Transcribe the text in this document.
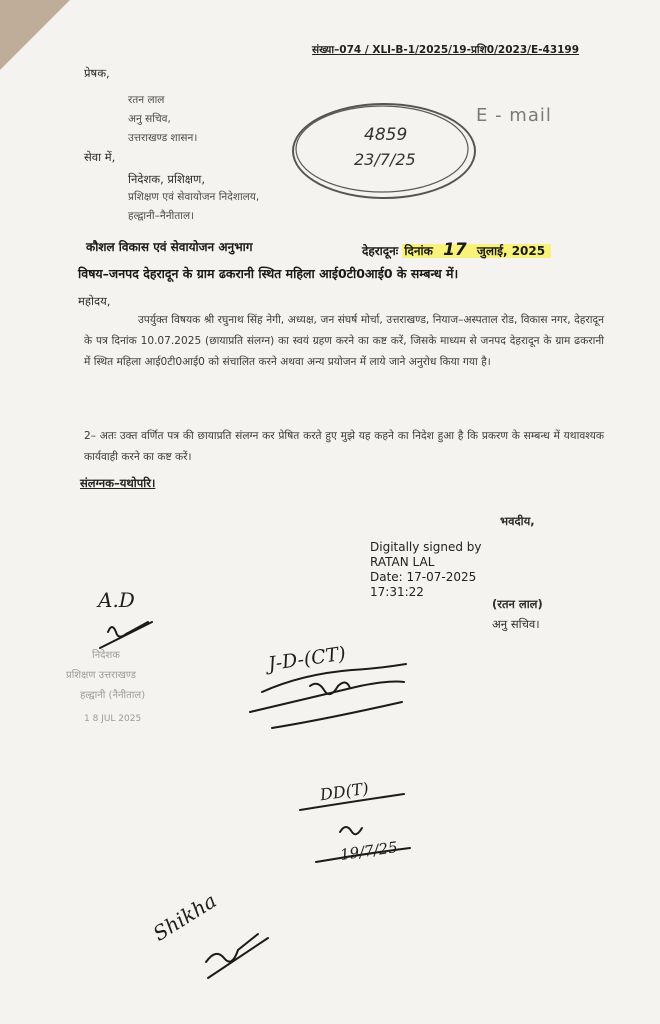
संख्या–074 / XLI-B-1/2025/19-प्रशि0/2023/E-43199
प्रेषक,
रतन लाल
अनु सचिव,
उत्तराखण्ड शासन।
सेवा में,
निदेशक, प्रशिक्षण,
प्रशिक्षण एवं सेवायोजन निदेशालय,
हल्द्वानी–नैनीताल।
4859
23/7/25
E - mail
कौशल विकास एवं सेवायोजन अनुभाग	देहरादूनः दिनांक 17 जुलाई, 2025
विषय–जनपद देहरादून के ग्राम ढकरानी स्थित महिला आई0टी0आई0 के सम्बन्ध में।
महोदय,
उपर्युक्त विषयक श्री रघुनाथ सिंह नेगी, अध्यक्ष, जन संघर्ष मोर्चा, उत्तराखण्ड, नियाज–अस्पताल रोड, विकास नगर, देहरादून के पत्र दिनांक 10.07.2025 (छायाप्रति संलग्न) का स्वयं ग्रहण करने का कष्ट करें, जिसके माध्यम से जनपद देहरादून के ग्राम ढकरानी में स्थित महिला आई0टी0आई0 को संचालित करने अथवा अन्य प्रयोजन में लाये जाने अनुरोध किया गया है।
2– अतः उक्त वर्णित पत्र की छायाप्रति संलग्न कर प्रेषित करते हुए मुझे यह कहने का निदेश हुआ है कि प्रकरण के सम्बन्ध में यथावश्यक कार्यवाही करने का कष्ट करें।
संलग्नक–यथोपरि।
भवदीय,
Digitally signed by
RATAN LAL
Date: 17-07-2025
17:31:22
(रतन लाल)
अनु सचिव।
निदेशक
प्रशिक्षण उत्तराखण्ड
हल्द्वानी (नैनीताल)
1 8 JUL 2025
A.D
J-D-(CT)
DD(T)
19/7/25
Shikha
